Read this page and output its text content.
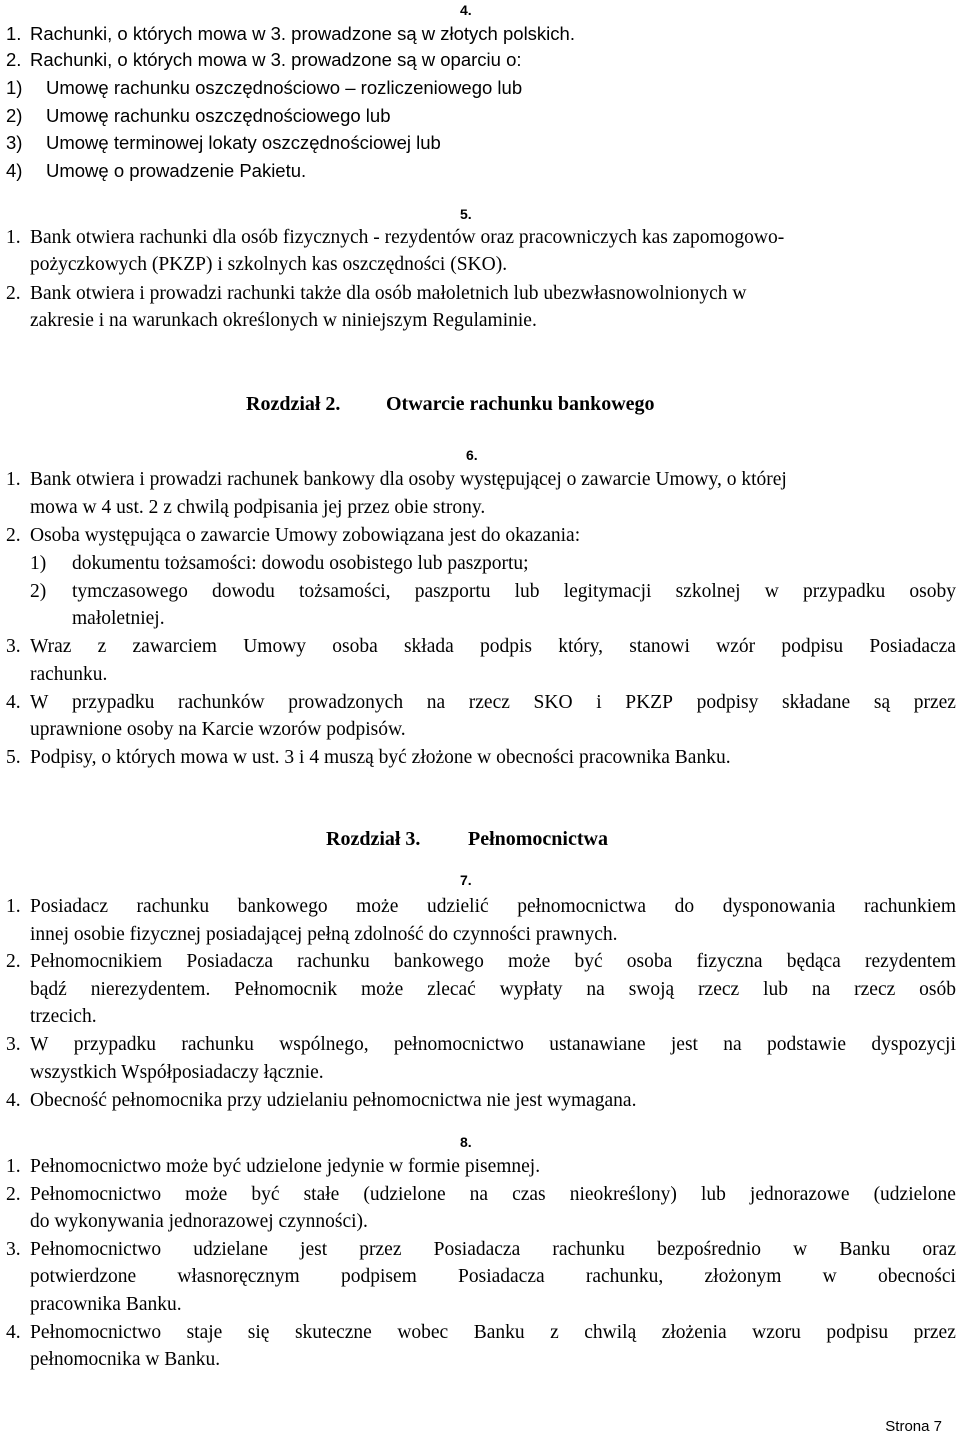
4.
1. Rachunki, o których mowa w 3. prowadzone są w złotych polskich.
2. Rachunki, o których mowa w 3. prowadzone są w oparciu o:
1) Umowę rachunku oszczędnościowo – rozliczeniowego lub
2) Umowę rachunku oszczędnościowego lub
3) Umowę terminowej lokaty oszczędnościowej lub
4) Umowę o prowadzenie Pakietu.
5.
1. Bank otwiera rachunki dla osób fizycznych - rezydentów oraz pracowniczych kas zapomogowo-
pożyczkowych (PKZP) i szkolnych kas oszczędności (SKO).
2. Bank otwiera i prowadzi rachunki także dla osób małoletnich lub ubezwłasnowolnionych w
zakresie i na warunkach określonych w niniejszym Regulaminie.
Rozdział 2. Otwarcie rachunku bankowego
6.
1. Bank otwiera i prowadzi rachunek bankowy dla osoby występującej o zawarcie Umowy, o której
mowa w 4 ust. 2 z chwilą podpisania jej przez obie strony.
2. Osoba występująca o zawarcie Umowy zobowiązana jest do okazania:
1) dokumentu tożsamości: dowodu osobistego lub paszportu;
2) tymczasowego dowodu tożsamości, paszportu lub legitymacji szkolnej w przypadku osoby
małoletniej.
3. Wraz z zawarciem Umowy osoba składa podpis który, stanowi wzór podpisu Posiadacza
rachunku.
4. W przypadku rachunków prowadzonych na rzecz SKO i PKZP podpisy składane są przez
uprawnione osoby na Karcie wzorów podpisów.
5. Podpisy, o których mowa w ust. 3 i 4 muszą być złożone w obecności pracownika Banku.
Rozdział 3. Pełnomocnictwa
7.
1. Posiadacz rachunku bankowego może udzielić pełnomocnictwa do dysponowania rachunkiem
innej osobie fizycznej posiadającej pełną zdolność do czynności prawnych.
2. Pełnomocnikiem Posiadacza rachunku bankowego może być osoba fizyczna będąca rezydentem
bądź nierezydentem. Pełnomocnik może zlecać wypłaty na swoją rzecz lub na rzecz osób
trzecich.
3. W przypadku rachunku wspólnego, pełnomocnictwo ustanawiane jest na podstawie dyspozycji
wszystkich Współposiadaczy łącznie.
4. Obecność pełnomocnika przy udzielaniu pełnomocnictwa nie jest wymagana.
8.
1. Pełnomocnictwo może być udzielone jedynie w formie pisemnej.
2. Pełnomocnictwo może być stałe (udzielone na czas nieokreślony) lub jednorazowe (udzielone
do wykonywania jednorazowej czynności).
3. Pełnomocnictwo udzielane jest przez Posiadacza rachunku bezpośrednio w Banku oraz
potwierdzone własnoręcznym podpisem Posiadacza rachunku, złożonym w obecności
pracownika Banku.
4. Pełnomocnictwo staje się skuteczne wobec Banku z chwilą złożenia wzoru podpisu przez
pełnomocnika w Banku.
Strona 7
